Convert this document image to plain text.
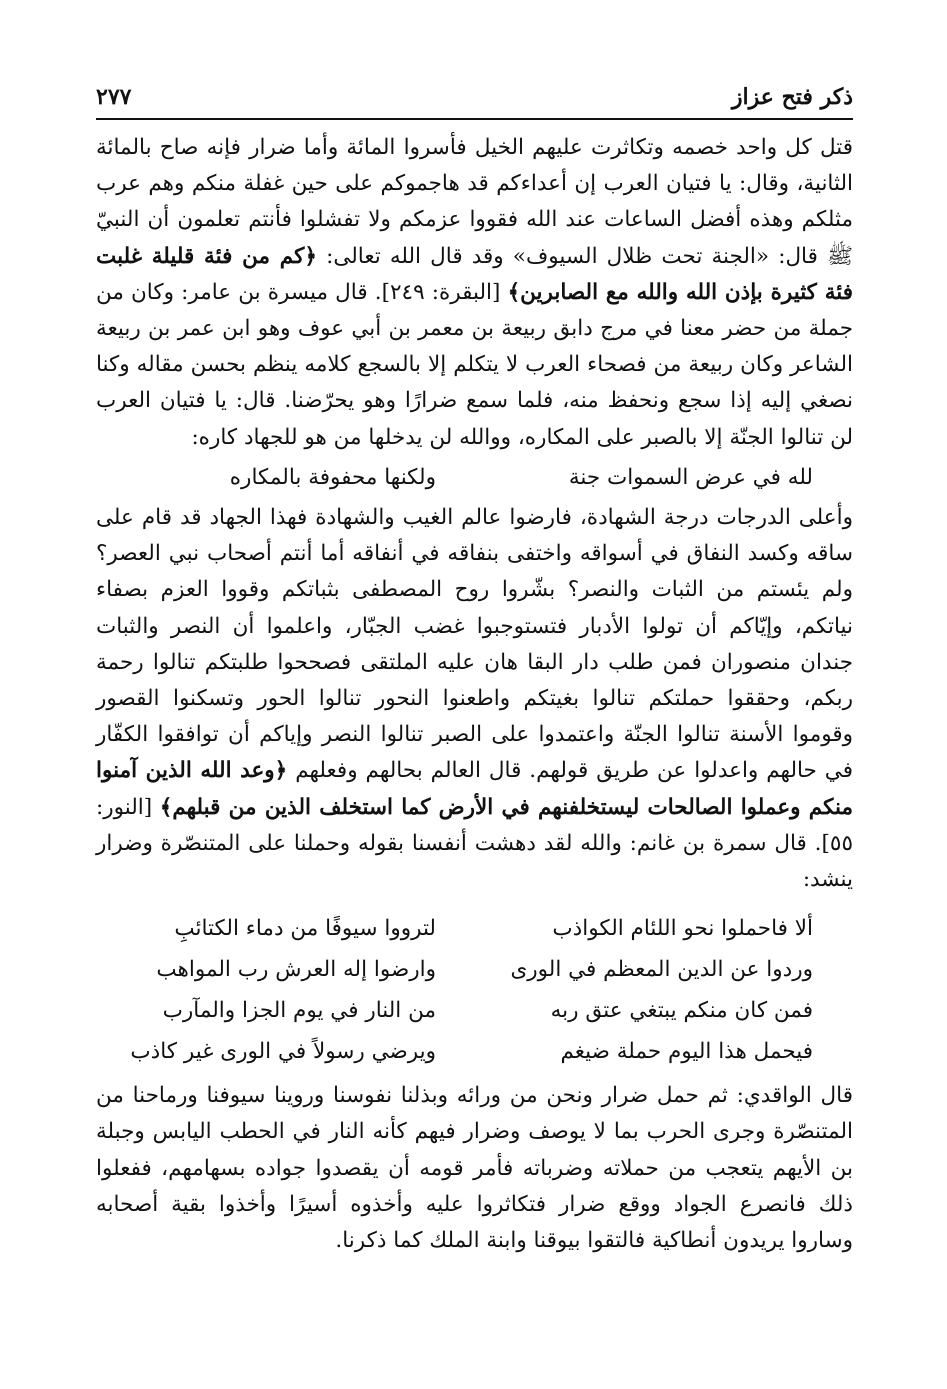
ذكر فتح عزاز
٢٧٧

قتل كل واحد خصمه وتكاثرت عليهم الخيل فأسروا المائة وأما ضرار فإنه صاح بالمائة الثانية، وقال: يا فتيان العرب إن أعداءكم قد هاجموكم على حين غفلة منكم وهم عرب مثلكم وهذه أفضل الساعات عند الله فقووا عزمكم ولا تفشلوا فأنتم تعلمون أن النبيّ ﷺ قال: «الجنة تحت ظلال السيوف» وقد قال الله تعالى: ﴿كم من فئة قليلة غلبت فئة كثيرة بإذن الله والله مع الصابرين﴾ [البقرة: ٢٤٩]. قال ميسرة بن عامر: وكان من جملة من حضر معنا في مرج دابق ربيعة بن معمر بن أبي عوف وهو ابن عمر بن ربيعة الشاعر وكان ربيعة من فصحاء العرب لا يتكلم إلا بالسجع كلامه ينظم بحسن مقاله وكنا نصغي إليه إذا سجع ونحفظ منه، فلما سمع ضرارًا وهو يحرّضنا. قال: يا فتيان العرب لن تنالوا الجنّة إلا بالصبر على المكاره، ووالله لن يدخلها من هو للجهاد كاره:

لله في عرض السموات جنة
ولكنها محفوفة بالمكاره

وأعلى الدرجات درجة الشهادة، فارضوا عالم الغيب والشهادة فهذا الجهاد قد قام على ساقه وكسد النفاق في أسواقه واختفى بنفاقه في أنفاقه أما أنتم أصحاب نبي العصر؟ ولم يئستم من الثبات والنصر؟ بشّروا روح المصطفى بثباتكم وقووا العزم بصفاء نياتكم، وإيّاكم أن تولوا الأدبار فتستوجبوا غضب الجبّار، واعلموا أن النصر والثبات جندان منصوران فمن طلب دار البقا هان عليه الملتقى فصححوا طلبتكم تنالوا رحمة ربكم، وحققوا حملتكم تنالوا بغيتكم واطعنوا النحور تنالوا الحور وتسكنوا القصور وقوموا الأسنة تنالوا الجنّة واعتمدوا على الصبر تنالوا النصر وإياكم أن توافقوا الكفّار في حالهم واعدلوا عن طريق قولهم. قال العالم بحالهم وفعلهم ﴿وعد الله الذين آمنوا منكم وعملوا الصالحات ليستخلفنهم في الأرض كما استخلف الذين من قبلهم﴾ [النور: ٥٥]. قال سمرة بن غانم: والله لقد دهشت أنفسنا بقوله وحملنا على المتنصّرة وضرار ينشد:

ألا فاحملوا نحو اللئام الكواذب
لترووا سيوفًا من دماء الكتائبِ
وردوا عن الدين المعظم في الورى
وارضوا إله العرش رب المواهب
فمن كان منكم يبتغي عتق ربه
من النار في يوم الجزا والمآرب
فيحمل هذا اليوم حملة ضيغم
ويرضي رسولاً في الورى غير كاذب

قال الواقدي: ثم حمل ضرار ونحن من ورائه وبذلنا نفوسنا وروينا سيوفنا ورماحنا من المتنصّرة وجرى الحرب بما لا يوصف وضرار فيهم كأنه النار في الحطب اليابس وجبلة بن الأيهم يتعجب من حملاته وضرباته فأمر قومه أن يقصدوا جواده بسهامهم، ففعلوا ذلك فانصرع الجواد ووقع ضرار فتكاثروا عليه وأخذوه أسيرًا وأخذوا بقية أصحابه وساروا يريدون أنطاكية فالتقوا بيوقنا وابنة الملك كما ذكرنا.
